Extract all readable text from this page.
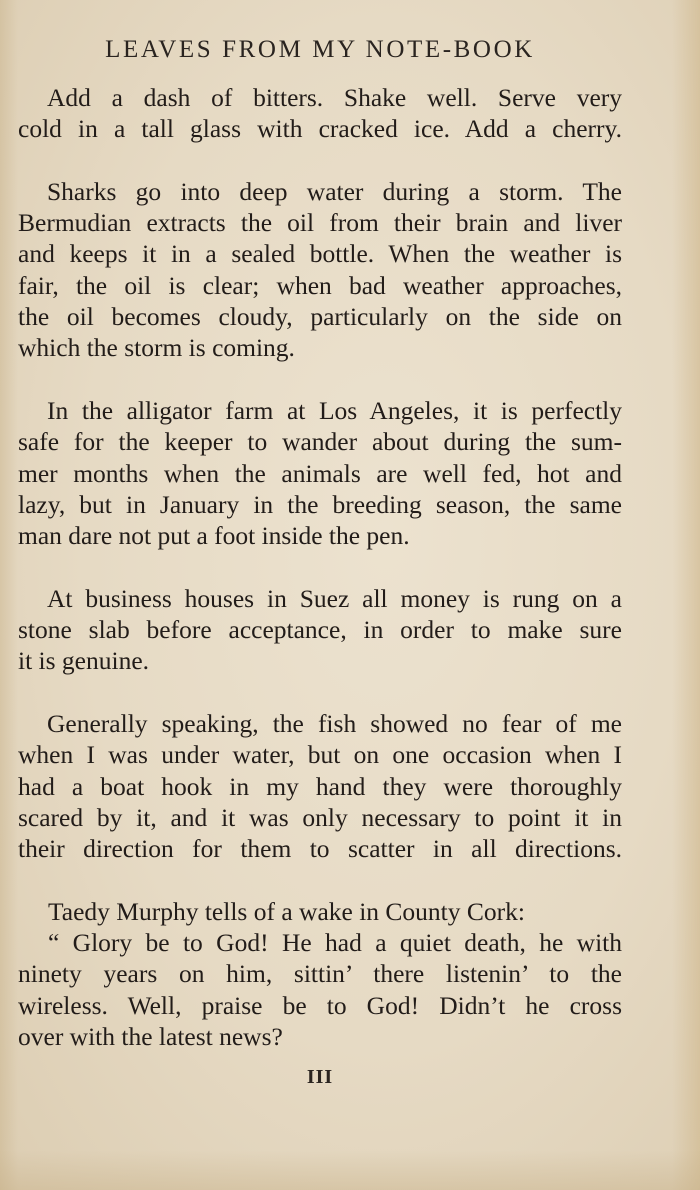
LEAVES FROM MY NOTE-BOOK
Add a dash of bitters. Shake well. Serve very
cold in a tall glass with cracked ice. Add a cherry.
Sharks go into deep water during a storm. The
Bermudian extracts the oil from their brain and liver
and keeps it in a sealed bottle. When the weather is
fair, the oil is clear; when bad weather approaches,
the oil becomes cloudy, particularly on the side on
which the storm is coming.
In the alligator farm at Los Angeles, it is perfectly
safe for the keeper to wander about during the sum-
mer months when the animals are well fed, hot and
lazy, but in January in the breeding season, the same
man dare not put a foot inside the pen.
At business houses in Suez all money is rung on a
stone slab before acceptance, in order to make sure
it is genuine.
Generally speaking, the fish showed no fear of me
when I was under water, but on one occasion when I
had a boat hook in my hand they were thoroughly
scared by it, and it was only necessary to point it in
their direction for them to scatter in all directions.
Taedy Murphy tells of a wake in County Cork:
“ Glory be to God! He had a quiet death, he with
ninety years on him, sittin’ there listenin’ to the
wireless. Well, praise be to God! Didn’t he cross
over with the latest news?
III
